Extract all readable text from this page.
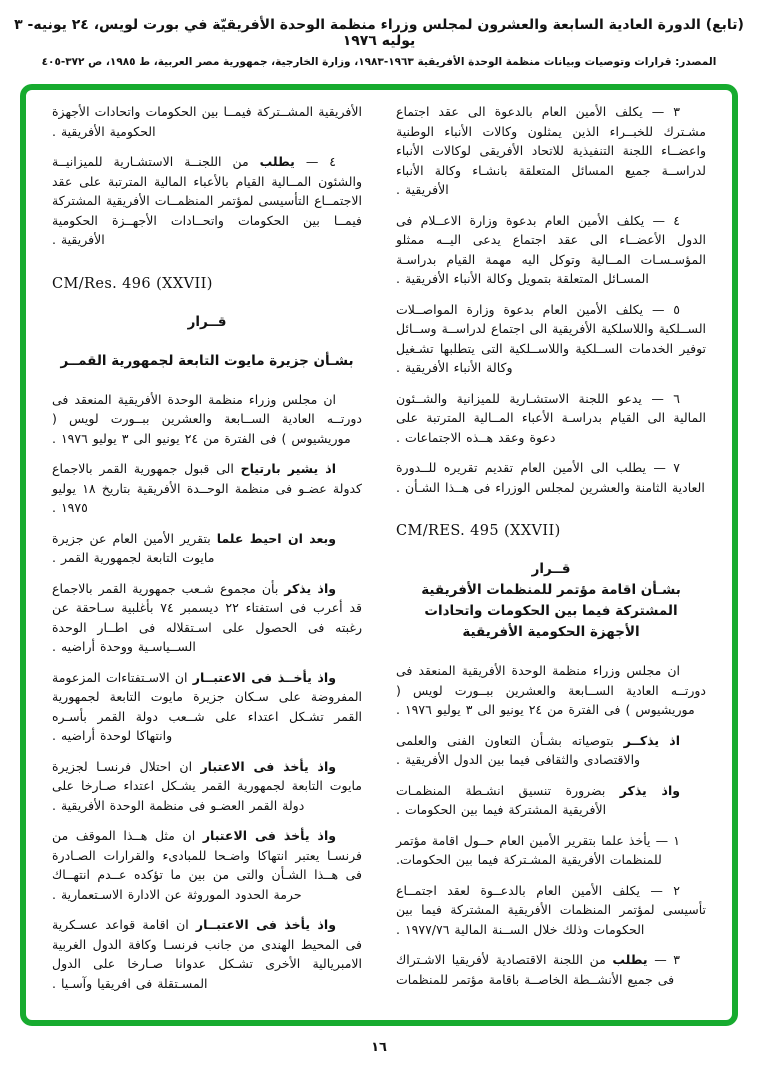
(تابع) الدورة العادية السابعة والعشرون لمجلس وزراء منظمة الوحدة الأفريقيّة في بورت لويس، ٢٤ يونيه- ٣ يوليه ١٩٧٦
المصدر: قرارات وتوصيات وبيانات منظمة الوحدة الأفريقية ١٩٦٣-١٩٨٣، وزارة الخارجية، جمهورية مصر العربية، ط ١٩٨٥، ص ٣٧٢-٤٠٥

٣ — يكلف الأمين العام بالدعوة الى عقد اجتماع مشـترك للخبــراء الذين يمثلون وكالات الأنباء الوطنية واعضــاء اللجنة التنفيذية للاتحاد الأفريقى لوكالات الأنباء لدراســة جميع المسائل المتعلقة بانشـاء وكالة الأنباء الأفريقية .

٤ — يكلف الأمين العام بدعوة وزارة الاعــلام فى الدول الأعضــاء الى عقد اجتماع يدعى اليــه ممثلو المؤسـسـات المــالية وتوكل اليه مهمة القيام بدراسـة المسـائل المتعلقة بتمويل وكالة الأنباء الأفريقية .

٥ — يكلف الأمين العام بدعوة وزارة المواصــلات الســلكية واللاسلكية الأفريقية الى اجتماع لدراســة وســائل توفير الخدمات الســلكية واللاســلكية التى يتطلبها تشـغيل وكالة الأنباء الأفريقية .

٦ — يدعو اللجنة الاستشـارية للميزانية والشــئون المالية الى القيام بدراسـة الأعباء المــالية المترتبة على دعوة وعقد هــذه الاجتماعات .

٧ — يطلب الى الأمين العام تقديم تقريره للــدورة العادية الثامنة والعشرين لمجلس الوزراء فى هــذا الشـأن .

CM/RES. 495 (XXVII)
قــرار
بشـأن اقامة مؤتمر للمنظمات الأفريقية
المشتركة فيما بين الحكومات واتحادات
الأجهزة الحكومية الأفريقية

ان مجلس وزراء منظمة الوحدة الأفريقية المنعقد فى دورتــه العادية الســابعة والعشرين ببــورت لويس ( موريشيوس ) فى الفترة من ٢٤ يونيو الى ٣ يوليو ١٩٧٦ .

اذ يذكــر بتوصياته بشـأن التعاون الفنى والعلمى والاقتصادى والثقافى فيما بين الدول الأفريقية .

واذ يذكر بضرورة تنسيق انشـطة المنظمـات الأفريقية المشتركة فيما بين الحكومات .

١ — يأخذ علما بتقرير الأمين العام حــول اقامة مؤتمر للمنظمات الأفريقية المشـتركة فيما بين الحكومات.

٢ — يكلف الأمين العام بالدعــوة لعقد اجتمــاع تأسيسى لمؤتمر المنظمات الأفريقية المشتركة فيما بين الحكومات وذلك خلال الســنة المالية ١٩٧٧/٧٦ .

٣ — يطلب من اللجنة الاقتصادية لأفريقيا الاشـتراك فى جميع الأنشــطة الخاصــة باقامة مؤتمر للمنظمات

الأفريقية المشــتركة فيمــا بين الحكومات واتحادات الأجهزة الحكومية الأفريقية .

٤ — يطلب من اللجنــة الاستشـارية للميزانيــة والشئون المــالية القيام بالأعباء المالية المترتبة على عقد الاجتمــاع التأسيسى لمؤتمر المنظمــات الأفريقية المشتركة فيمــا بين الحكومات واتحــادات الأجهــزة الحكومية الأفريقية .

CM/Res. 496 (XXVII)
قــرار
بشـأن جزيرة مايوت التابعة لجمهورية القمــر

ان مجلس وزراء منظمة الوحدة الأفريقية المنعقد فى دورتــه العادية الســابعة والعشرين ببــورت لويس ( موريشيوس ) فى الفترة من ٢٤ يونيو الى ٣ يوليو ١٩٧٦ .

اذ يشير بارتياح الى قبول جمهورية القمر بالاجماع كدولة عضـو فى منظمة الوحــدة الأفريقية بتاريخ ١٨ يوليو ١٩٧٥ .

وبعد ان احيط علما بتقرير الأمين العام عن جزيرة مايوت التابعة لجمهورية القمر .

واذ يذكر بأن مجموع شـعب جمهورية القمر بالاجماع قد أعرب فى استفتاء ٢٢ ديسمبر ٧٤ بأغلبية سـاحقة عن رغبته فى الحصول على اسـتقلاله فى اطــار الوحدة الســياسـية ووحدة أراضيه .

واذ يأخــذ فى الاعتبــار ان الاسـتفتاءات المزعومة المفروضة على سـكان جزيرة مايوت التابعة لجمهورية القمر تشـكل اعتداء على شــعب دولة القمر بأسـره وانتهاكا لوحدة أراضيه .

واذ يأخذ فى الاعتبار ان احتلال فرنسـا لجزيرة مايوت التابعة لجمهورية القمر يشـكل اعتداء صـارخا على دولة القمر العضـو فى منظمة الوحدة الأفريقية .

واذ يأخذ فى الاعتبار ان مثل هــذا الموقف من فرنسـا يعتبر انتهاكا واضـحا للمبادىء والقرارات الصـادرة فى هــذا الشـأن والتى من بين ما تؤكده عــدم انتهــاك حرمة الحدود الموروثة عن الادارة الاسـتعمارية .

واذ يأخذ فى الاعتبــار ان اقامة قواعد عسـكرية فى المحيط الهندى من جانب فرنسـا وكافة الدول الغربية الامبريالية الأخرى تشـكل عدوانا صـارخا على الدول المسـتقلة فى افريقيا وآسـيا .

١٦
